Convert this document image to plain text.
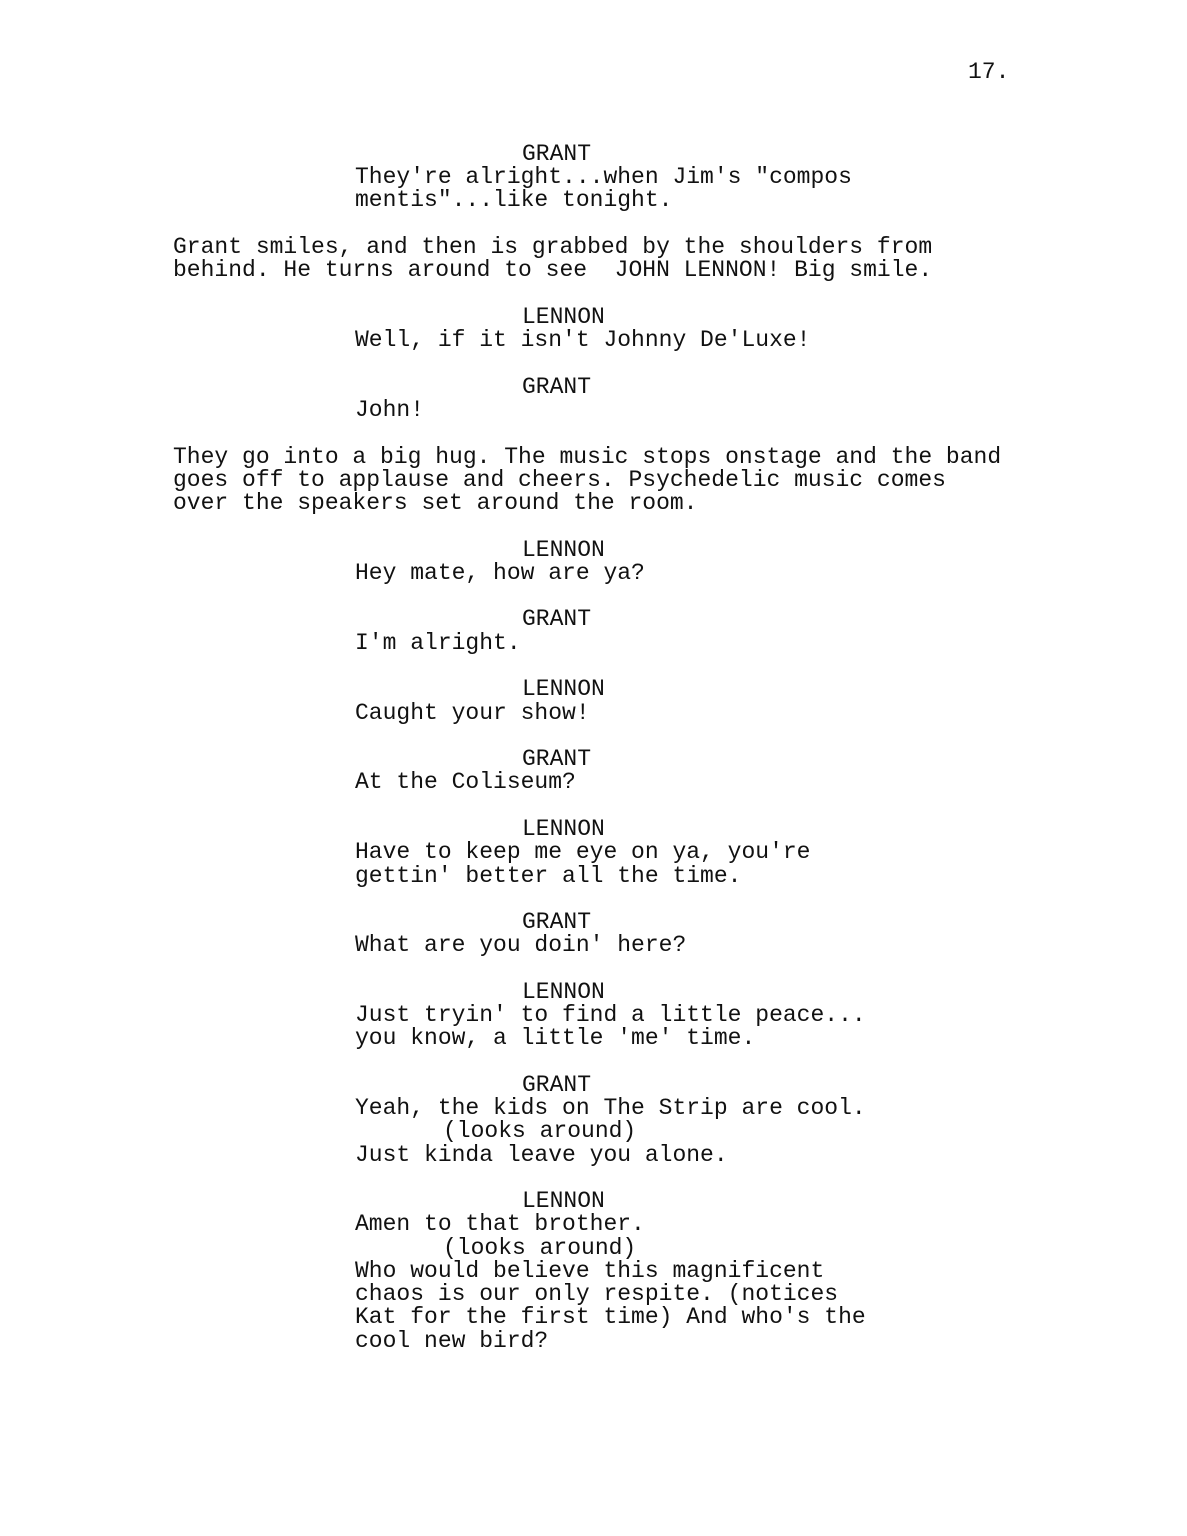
17.
GRANT
They're alright...when Jim's "compos
mentis"...like tonight.
Grant smiles, and then is grabbed by the shoulders from
behind. He turns around to see  JOHN LENNON! Big smile.
LENNON
Well, if it isn't Johnny De'Luxe!
GRANT
John!
They go into a big hug. The music stops onstage and the band
goes off to applause and cheers. Psychedelic music comes
over the speakers set around the room.
LENNON
Hey mate, how are ya?
GRANT
I'm alright.
LENNON
Caught your show!
GRANT
At the Coliseum?
LENNON
Have to keep me eye on ya, you're
gettin' better all the time.
GRANT
What are you doin' here?
LENNON
Just tryin' to find a little peace...
you know, a little 'me' time.
GRANT
Yeah, the kids on The Strip are cool.
(looks around)
Just kinda leave you alone.
LENNON
Amen to that brother.
(looks around)
Who would believe this magnificent
chaos is our only respite. (notices
Kat for the first time) And who's the
cool new bird?
